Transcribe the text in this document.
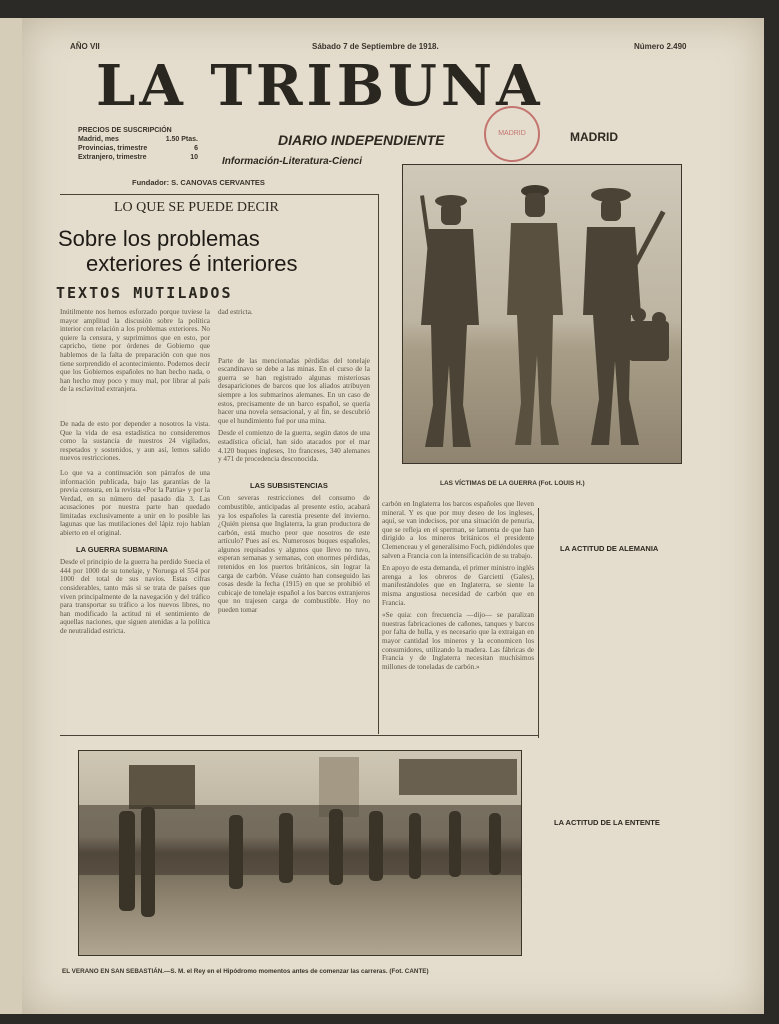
AÑO VII	Sábado 7 de Septiembre de 1918.	Número 2.490
LA TRIBUNA
DIARIO INDEPENDIENTE	MADRID
Información-Literatura-Cienci
MADRID
PRECIOS DE SUSCRIPCIÓN
Madrid, mes	1.50 Ptas.
Provincias, trimestre	6
Extranjero, trimestre	10
Fundador: S. CANOVAS CERVANTES
LO QUE SE PUEDE DECIR
Sobre los problemas
exteriores é interiores
TEXTOS MUTILADOS
Inútilmente nos hemos esforzado porque tuviese la mayor amplitud la discusión sobre la política interior con relación a los problemas exteriores. No quiere la censura, y suprimimos que en esto, por capricho, tiene por órdenes de Gobierno que hablemos de la falta de preparación con que nos tiene sorprendido el acontecimiento. Podemos decir que los Gobiernos españoles no han hecho nada, o han hecho muy poco y muy mal, por librar al país de la esclavitud extranjera.
De nada de esto por depender a nosotros la vista. Que la vida de esa estadística no consideremos como la sustancia de nuestros 24 vigilados, respetados y sostenidos, y aun así, lemos salido nuevos restricciones.
Lo que va a continuación son párrafos de una información publicada, bajo las garantías de la previa censura, en la revista «Por la Patria» y por la Verdad, en su número del pasado día 3. Las acusaciones por nuestra parte han quedado limitadas exclusivamente a unir en lo posible las lagunas que las mutilaciones del lápiz rojo habían abierto en el original.
LA GUERRA SUBMARINA
Desde el principio de la guerra ha perdido Suecia el 444 por 1000 de su tonelaje, y Noruega el 554 por 1000 del total de sus navíos. Estas cifras considerables, tanto más si se trata de países que viven principalmente de la navegación y del tráfico para transportar su tráfico a los nuevos libres, no han modificado la actitud ni el sentimiento de aquellas naciones, que siguen atenidas a la política de neutralidad estricta.
dad estricta.
Parte de las mencionadas pérdidas del tonelaje escandinavo se debe a las minas. En el curso de la guerra se han registrado algunas misteriosas desapariciones de barcos que los aliados atribuyen siempre a los submarinos alemanes. En un caso de estos, precisamente de un barco español, se quería hacer una novela sensacional, y al fin, se descubrió que el hundimiento fué por una mina.
Desde el comienzo de la guerra, según datos de una estadística oficial, han sido atacados por el mar 4.120 buques ingleses, 1to franceses, 340 alemanes y 471 de procedencia desconocida.
LAS SUBSISTENCIAS
Con severas restricciones del consumo de combustible, anticipadas al presente estío, acabará ya los españoles la carestía presente del invierno. ¿Quién piensa que Inglaterra, la gran productora de carbón, está mucho peor que nosotros de este artículo? Pues así es. Numerosos buques españoles, algunos requisados y algunos que llevo no tuvo, esperan semanas y semanas, con enormes pérdidas, retenidos en los puertos británicos, sin lograr la carga de carbón. Véase cuánto han conseguido las cosas desde la fecha (1915) en que se prohibió el cubicaje de tonelaje español a los barcos extranjeros que no trajesen carga de combustible. Hoy no pueden tomar
carbón en Inglaterra los barcos españoles que lleven mineral. Y es que por muy deseo de los ingleses, aquí, se van indecisos, por una situación de penuria, que se refleja en el sperman, se lamenta de que han dirigido a los mineros británicos el presidente Clemenceau y el generalísimo Foch, pidiéndoles que salven a Francia con la intensificación de su trabajo.
En apoyo de esta demanda, el primer ministro inglés arenga a los obreros de Garcietti (Gales), manifestándoles que en Inglaterra, se siente la misma angustiosa necesidad de carbón que en Francia.
«Se quia: con frecuencia —dijo— se paralizan nuestras fabricaciones de cañones, tanques y barcos por falta de hulla, y es necesario que la extraigan en mayor cantidad los mineros y la economicen los consumidores, utilizando la madera. Las fábricas de Francia y de Inglaterra necesitan muchísimos millones de toneladas de carbón.»
LA ACTITUD DE ALEMANIA
LA ACTITUD DE LA ENTENTE
LAS VÍCTIMAS DE LA GUERRA (Fot. LOUIS H.)
EL VERANO EN SAN SEBASTIÁN.—S. M. el Rey en el Hipódromo momentos antes de comenzar las carreras. (Fot. CANTE)
